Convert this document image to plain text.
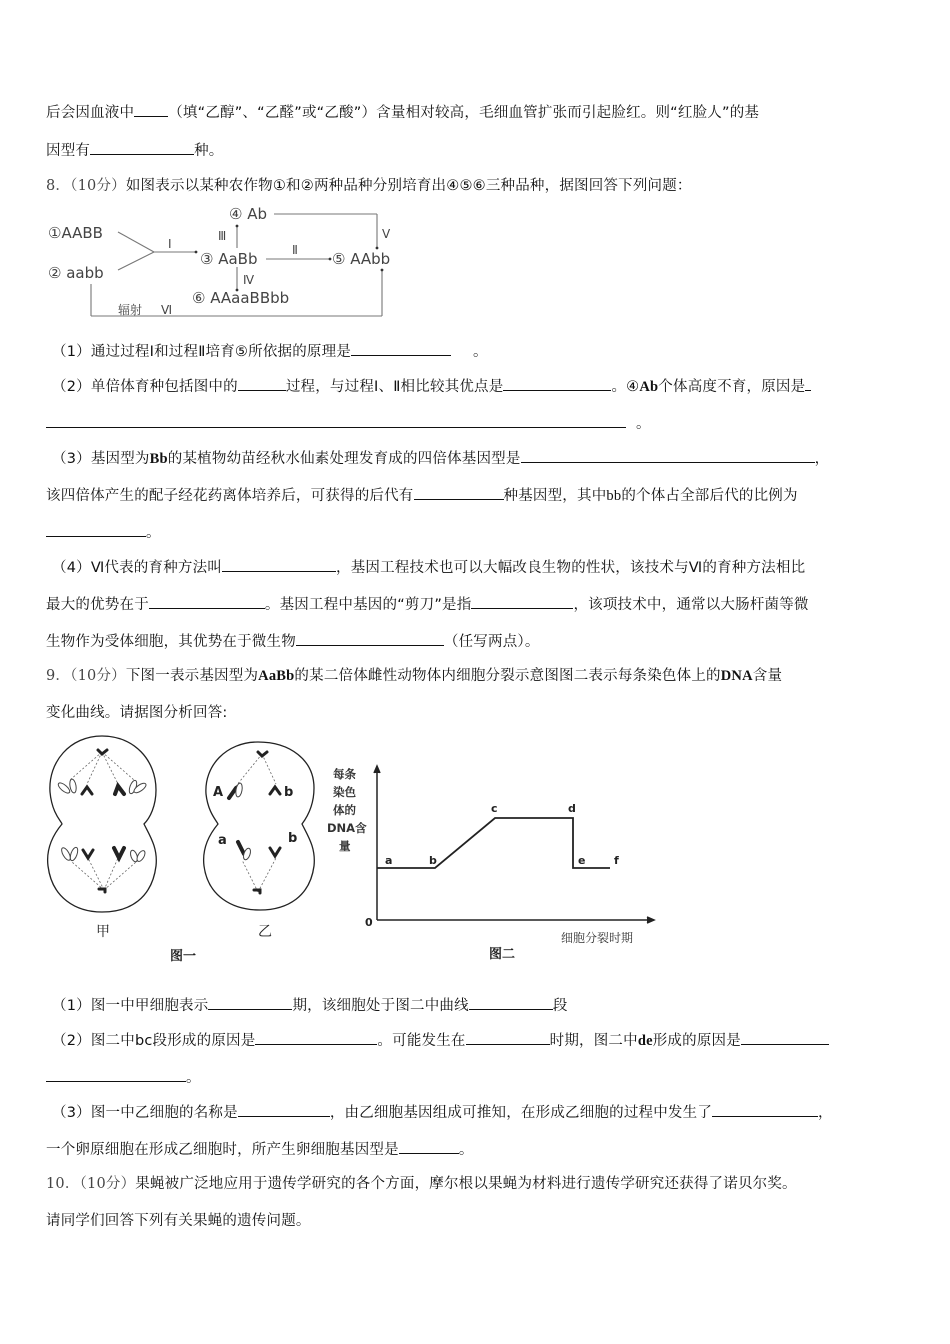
后会因血液中 （填“乙醇”、“乙醛”或“乙酸”）含量相对较高，毛细血管扩张而引起脸红。则“红脸人”的基
因型有	种。
8．（10分）如图表示以某种农作物①和②两种品种分别培育出④⑤⑥三种品种，据图回答下列问题：
①AABB
② aabb
③ AaBb
④ Ab
⑤ AAbb
⑥ AAaaBBbb
Ⅰ	Ⅱ
Ⅲ
Ⅳ
Ⅴ
Ⅵ
辐射
（1）通过过程Ⅰ和过程Ⅱ培育⑤所依据的原理是	。
（2）单倍体育种包括图中的	过程，与过程Ⅰ、Ⅱ相比较其优点是	。④Ab个体高度不育，原因是
。
（3）基因型为Bb的某植物幼苗经秋水仙素处理发育成的四倍体基因型是	，
该四倍体产生的配子经花药离体培养后，可获得的后代有	种基因型，其中bb的个体占全部后代的比例为
。
（4）Ⅵ代表的育种方法叫	，基因工程技术也可以大幅改良生物的性状，该技术与Ⅵ的育种方法相比
最大的优势在于	。基因工程中基因的“剪刀”是指	，该项技术中，通常以大肠杆菌等微
生物作为受体细胞，其优势在于微生物	（任写两点）。
9．（10分）下图一表示基因型为AaBb的某二倍体雌性动物体内细胞分裂示意图图二表示每条染色体上的DNA含量
变化曲线。请据图分析回答:
甲
A	b
a	b
乙
图一
a	b
c	d
e	f
0
每条
染色
体的
DNA含
量
细胞分裂时期
图二
（1）图一中甲细胞表示	期，该细胞处于图二中曲线	段
（2）图二中bc段形成的原因是	。可能发生在	时期，图二中de形成的原因是
。
（3）图一中乙细胞的名称是	，由乙细胞基因组成可推知，在形成乙细胞的过程中发生了	，
一个卵原细胞在形成乙细胞时，所产生卵细胞基因型是	。
10．（10分）果蝇被广泛地应用于遗传学研究的各个方面，摩尔根以果蝇为材料进行遗传学研究还获得了诺贝尔奖。
请同学们回答下列有关果蝇的遗传问题。
